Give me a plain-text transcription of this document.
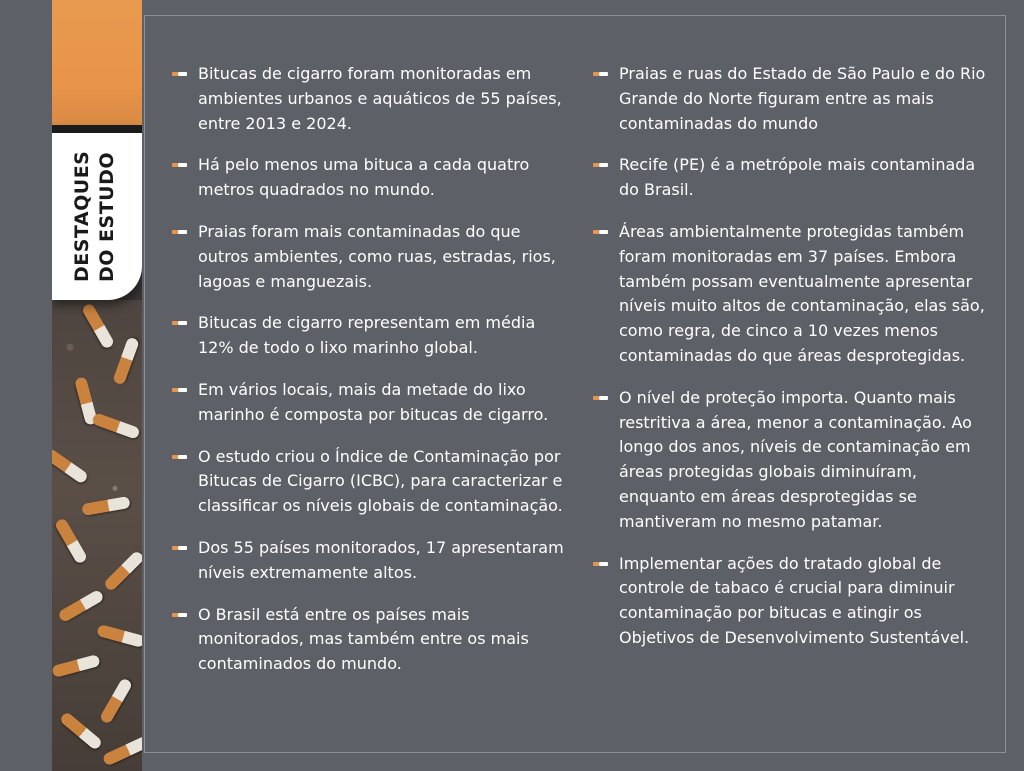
DESTAQUES DO ESTUDO
Bitucas de cigarro foram monitoradas em ambientes urbanos e aquáticos de 55 países, entre 2013 e 2024.
Há pelo menos uma bituca a cada quatro metros quadrados no mundo.
Praias foram mais contaminadas do que outros ambientes, como ruas, estradas, rios, lagoas e manguezais.
Bitucas de cigarro representam em média 12% de todo o lixo marinho global.
Em vários locais, mais da metade do lixo marinho é composta por bitucas de cigarro.
O estudo criou o Índice de Contaminação por Bitucas de Cigarro (ICBC), para caracterizar e classificar os níveis globais de contaminação.
Dos 55 países monitorados, 17 apresentaram níveis extremamente altos.
O Brasil está entre os países mais monitorados, mas também entre os mais contaminados do mundo.
Praias e ruas do Estado de São Paulo e do Rio Grande do Norte figuram entre as mais contaminadas do mundo
Recife (PE) é a metrópole mais contaminada do Brasil.
Áreas ambientalmente protegidas também foram monitoradas em 37 países. Embora também possam eventualmente apresentar níveis muito altos de contaminação, elas são, como regra, de cinco a 10 vezes menos contaminadas do que áreas desprotegidas.
O nível de proteção importa. Quanto mais restritiva a área, menor a contaminação. Ao longo dos anos, níveis de contaminação em áreas protegidas globais diminuíram, enquanto em áreas desprotegidas se mantiveram no mesmo patamar.
Implementar ações do tratado global de controle de tabaco é crucial para diminuir contaminação por bitucas e atingir os Objetivos de Desenvolvimento Sustentável.
